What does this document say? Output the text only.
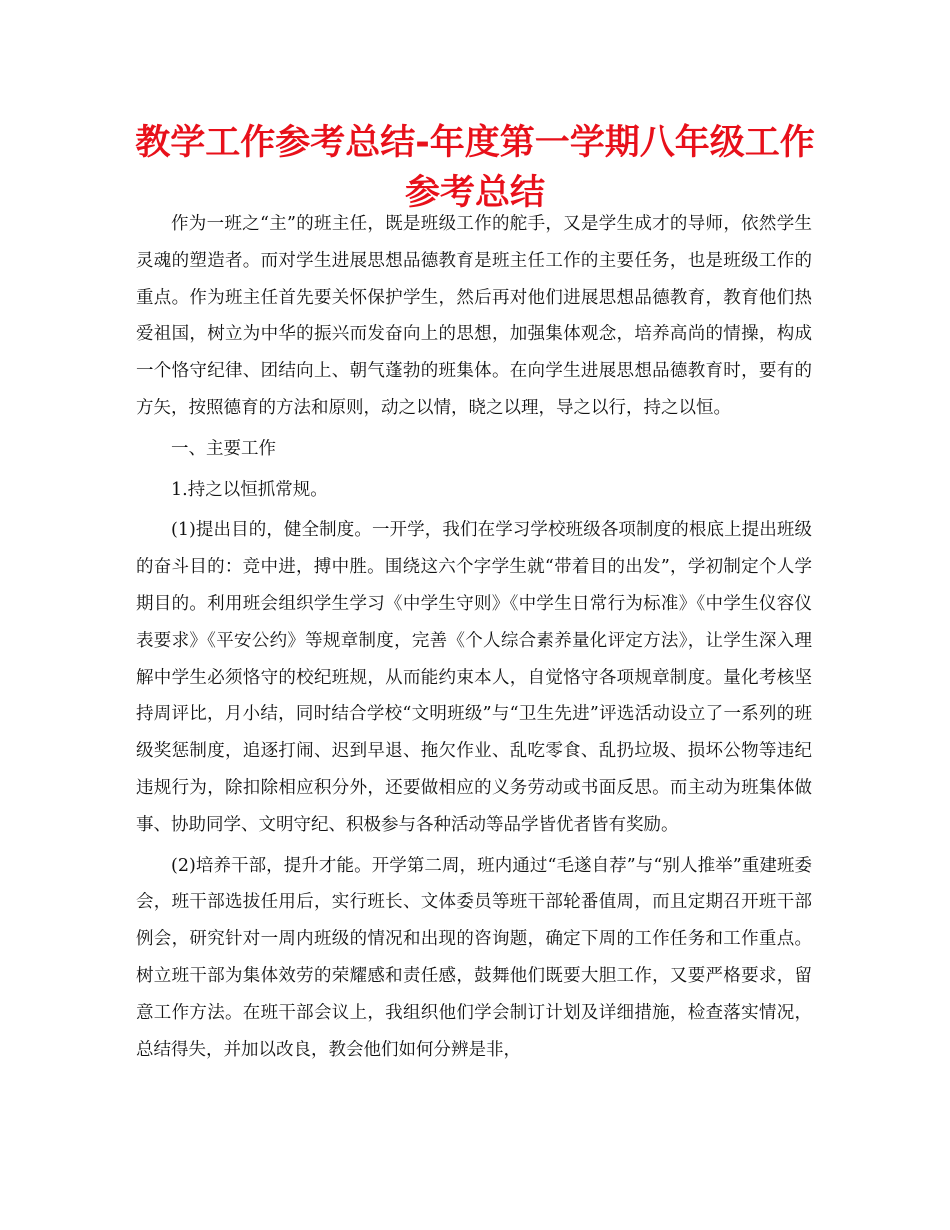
教学工作参考总结-年度第一学期八年级工作参考总结

作为一班之“主”的班主任，既是班级工作的舵手，又是学生成才的导师，依然学生灵魂的塑造者。而对学生进展思想品德教育是班主任工作的主要任务，也是班级工作的重点。作为班主任首先要关怀保护学生，然后再对他们进展思想品德教育，教育他们热爱祖国，树立为中华的振兴而发奋向上的思想，加强集体观念，培养高尚的情操，构成一个恪守纪律、团结向上、朝气蓬勃的班集体。在向学生进展思想品德教育时，要有的方矢，按照德育的方法和原则，动之以情，晓之以理，导之以行，持之以恒。

一、主要工作

1.持之以恒抓常规。

(1)提出目的，健全制度。一开学，我们在学习学校班级各项制度的根底上提出班级的奋斗目的：竞中进，搏中胜。围绕这六个字学生就“带着目的出发”，学初制定个人学期目的。利用班会组织学生学习《中学生守则》《中学生日常行为标准》《中学生仪容仪表要求》《平安公约》等规章制度，完善《个人综合素养量化评定方法》，让学生深入理解中学生必须恪守的校纪班规，从而能约束本人，自觉恪守各项规章制度。量化考核坚持周评比，月小结，同时结合学校“文明班级”与“卫生先进”评选活动设立了一系列的班级奖惩制度，追逐打闹、迟到早退、拖欠作业、乱吃零食、乱扔垃圾、损坏公物等违纪违规行为，除扣除相应积分外，还要做相应的义务劳动或书面反思。而主动为班集体做事、协助同学、文明守纪、积极参与各种活动等品学皆优者皆有奖励。

(2)培养干部，提升才能。开学第二周，班内通过“毛遂自荐”与“别人推举”重建班委会，班干部选拔任用后，实行班长、文体委员等班干部轮番值周，而且定期召开班干部例会，研究针对一周内班级的情况和出现的咨询题，确定下周的工作任务和工作重点。树立班干部为集体效劳的荣耀感和责任感，鼓舞他们既要大胆工作，又要严格要求，留意工作方法。在班干部会议上，我组织他们学会制订计划及详细措施，检查落实情况，总结得失，并加以改良，教会他们如何分辨是非，
